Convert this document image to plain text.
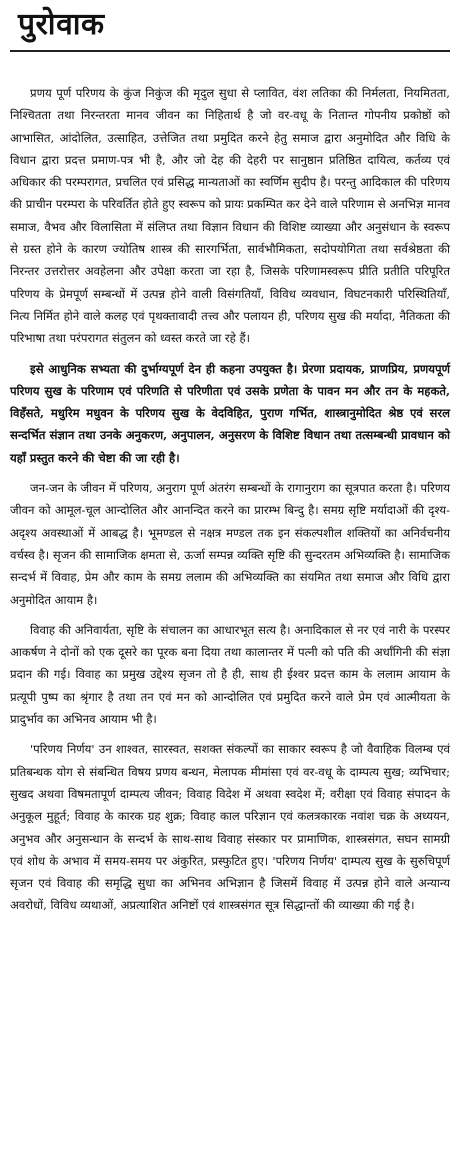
पुरोवाक

प्रणय पूर्ण परिणय के कुंज निकुंज की मृदुल सुधा से प्लावित, वंश लतिका की निर्मलता, नियमितता, निश्चितता तथा निरन्तरता मानव जीवन का निहितार्थ है जो वर-वधू के नितान्त गोपनीय प्रकोष्ठों को आभासित, आंदोलित, उत्साहित, उत्तेजित तथा प्रमुदित करने हेतु समाज द्वारा अनुमोदित और विधि के विधान द्वारा प्रदत्त प्रमाण-पत्र भी है, और जो देह की देहरी पर सानुष्ठान प्रतिष्ठित दायित्व, कर्तव्य एवं अधिकार की परम्परागत, प्रचलित एवं प्रसिद्ध मान्यताओं का स्वर्णिम सुदीप है। परन्तु आदिकाल की परिणय की प्राचीन परम्परा के परिवर्तित होते हुए स्वरूप को प्रायः प्रकम्पित कर देने वाले परिणाम से अनभिज्ञ मानव समाज, वैभव और विलासिता में संलिप्त तथा विज्ञान विधान की विशिष्ट व्याख्या और अनुसंधान के स्वरूप से ग्रस्त होने के कारण ज्योतिष शास्त्र की सारगर्भिता, सार्वभौमिकता, सदोपयोगिता तथा सर्वश्रेष्ठता की निरन्तर उत्तरोत्तर अवहेलना और उपेक्षा करता जा रहा है, जिसके परिणामस्वरूप प्रीति प्रतीति परिपूरित परिणय के प्रेमपूर्ण सम्बन्धों में उत्पन्न होने वाली विसंगतियाँ, विविध व्यवधान, विघटनकारी परिस्थितियाँ, नित्य निर्मित होने वाले कलह एवं पृथक्तावादी तत्त्व और पलायन ही, परिणय सुख की मर्यादा, नैतिकता की परिभाषा तथा परंपरागत संतुलन को ध्वस्त करते जा रहे हैं।

इसे आधुनिक सभ्यता की दुर्भाग्यपूर्ण देन ही कहना उपयुक्त है। प्रेरणा प्रदायक, प्राणप्रिय, प्रणयपूर्ण परिणय सुख के परिणाम एवं परिणति से परिणीता एवं उसके प्रणेता के पावन मन और तन के महकते, विहँसते, मधुरिम मधुवन के परिणय सुख के वेदविहित, पुराण गर्भित, शास्त्रानुमोदित श्रेष्ठ एवं सरल सन्दर्भित संज्ञान तथा उनके अनुकरण, अनुपालन, अनुसरण के विशिष्ट विधान तथा तत्सम्बन्धी प्रावधान को यहाँ प्रस्तुत करने की चेष्टा की जा रही है।

जन-जन के जीवन में परिणय, अनुराग पूर्ण अंतरंग सम्बन्धों के रागानुराग का सूत्रपात करता है। परिणय जीवन को आमूल-चूल आन्दोलित और आनन्दित करने का प्रारम्भ बिन्दु है। समग्र सृष्टि मर्यादाओं की दृश्य-अदृश्य अवस्थाओं में आबद्ध है। भूमण्डल से नक्षत्र मण्डल तक इन संकल्पशील शक्तियों का अनिर्वचनीय वर्चस्व है। सृजन की सामाजिक क्षमता से, ऊर्जा सम्पन्न व्यक्ति सृष्टि की सुन्दरतम अभिव्यक्ति है। सामाजिक सन्दर्भ में विवाह, प्रेम और काम के समग्र ललाम की अभिव्यक्ति का संयमित तथा समाज और विधि द्वारा अनुमोदित आयाम है।

विवाह की अनिवार्यता, सृष्टि के संचालन का आधारभूत सत्य है। अनादिकाल से नर एवं नारी के परस्पर आकर्षण ने दोनों को एक दूसरे का पूरक बना दिया तथा कालान्तर में पत्नी को पति की अर्धांगिनी की संज्ञा प्रदान की गई। विवाह का प्रमुख उद्देश्य सृजन तो है ही, साथ ही ईश्वर प्रदत्त काम के ललाम आयाम के प्रत्यूपी पुष्प का श्रृंगार है तथा तन एवं मन को आन्दोलित एवं प्रमुदित करने वाले प्रेम एवं आत्मीयता के प्रादुर्भाव का अभिनव आयाम भी है।

'परिणय निर्णय' उन शाश्वत, सारस्वत, सशक्त संकल्पों का साकार स्वरूप है जो वैवाहिक विलम्ब एवं प्रतिबन्धक योग से संबन्धित विषय प्रणय बन्धन, मेलापक मीमांसा एवं वर-वधू के दाम्पत्य सुख; व्यभिचार; सुखद अथवा विषमतापूर्ण दाम्पत्य जीवन; विवाह विदेश में अथवा स्वदेश में; वरीक्षा एवं विवाह संपादन के अनुकूल मुहूर्त; विवाह के कारक ग्रह शुक्र; विवाह काल परिज्ञान एवं कलत्रकारक नवांश चक्र के अध्ययन, अनुभव और अनुसन्धान के सन्दर्भ के साथ-साथ विवाह संस्कार पर प्रामाणिक, शास्त्रसंगत, सघन सामग्री एवं शोध के अभाव में समय-समय पर अंकुरित, प्रस्फुटित हुए। 'परिणय निर्णय' दाम्पत्य सुख के सुरुचिपूर्ण सृजन एवं विवाह की समृद्धि सुधा का अभिनव अभिज्ञान है जिसमें विवाह में उत्पन्न होने वाले अन्यान्य अवरोधों, विविध व्यथाओं, अप्रत्याशित अनिष्टों एवं शास्त्रसंगत सूत्र सिद्धान्तों की व्याख्या की गई है।
